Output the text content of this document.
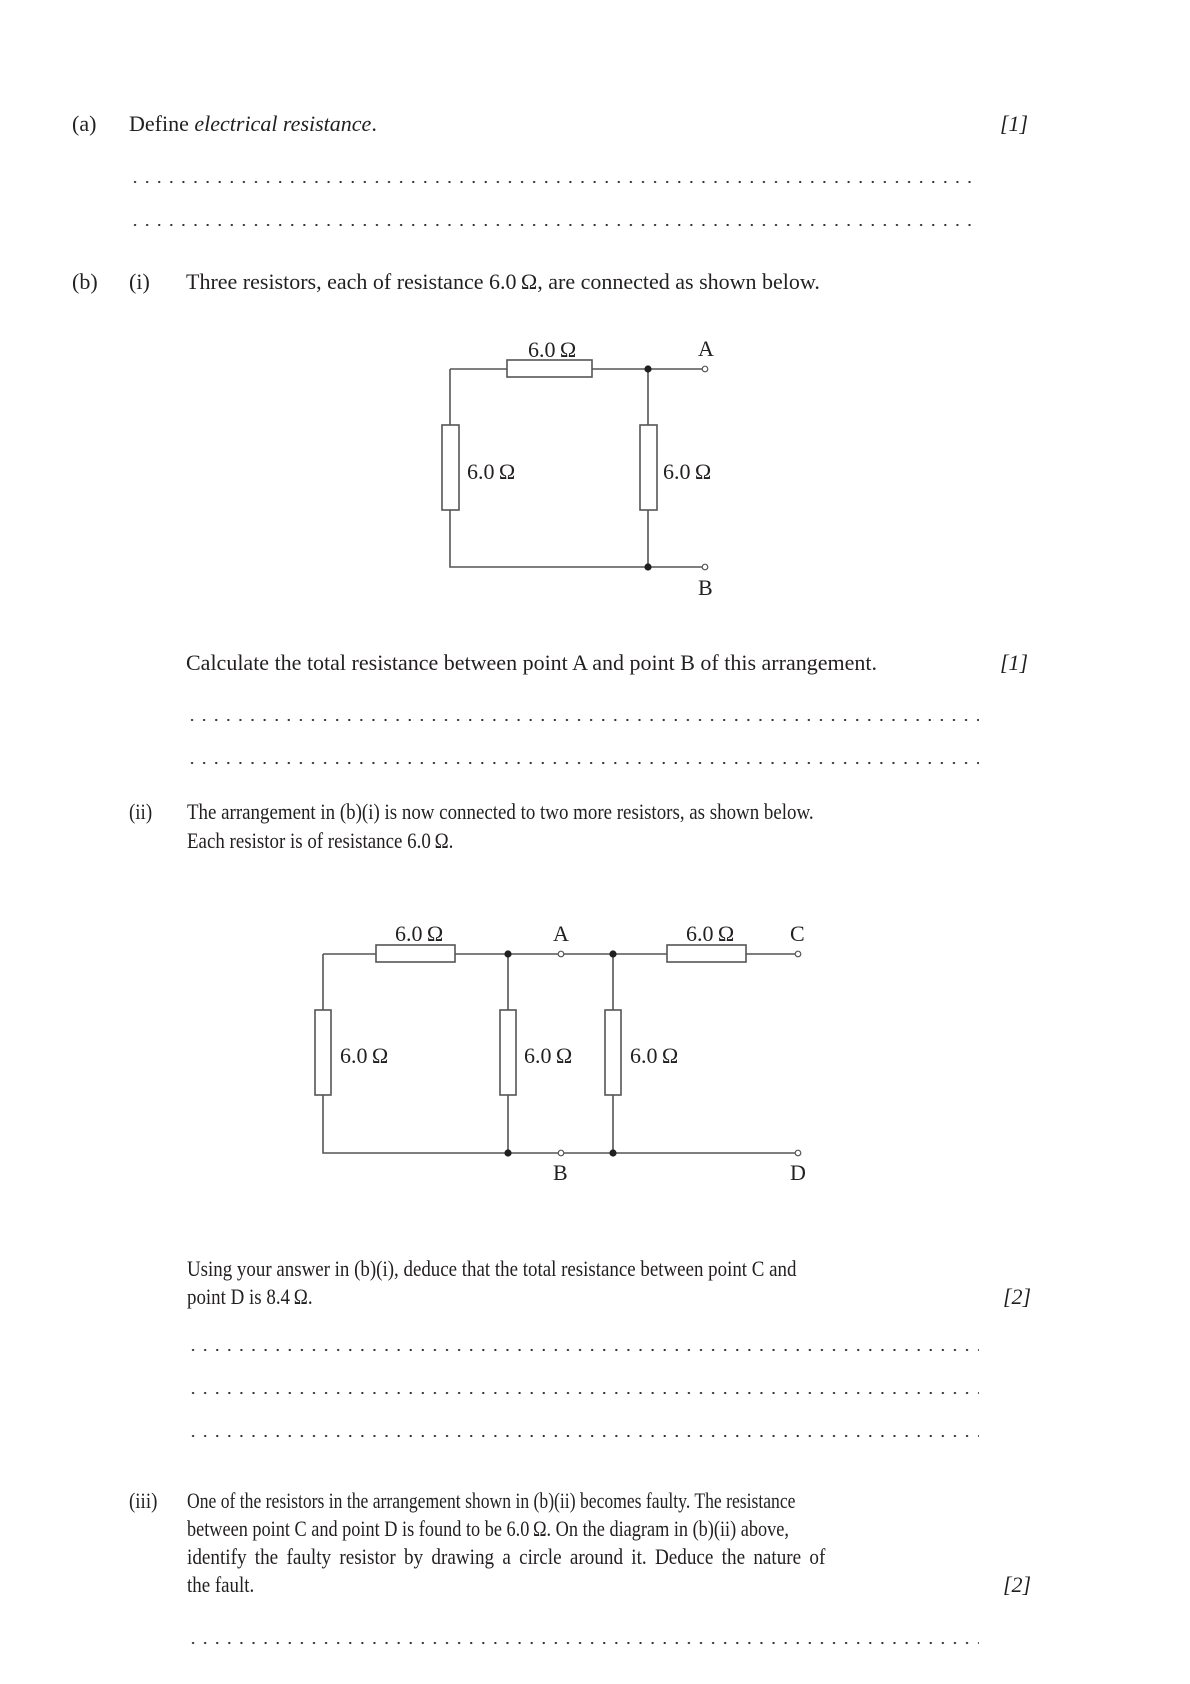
(a) Define electrical resistance.	[1]
(b) (i) Three resistors, each of resistance 6.0 Ω, are connected as shown below.
6.0 Ω
6.0 Ω	6.0 Ω
A
B
Calculate the total resistance between point A and point B of this arrangement.	[1]
(ii) The arrangement in (b)(i) is now connected to two more resistors, as shown below.
Each resistor is of resistance 6.0 Ω.
6.0 Ω	6.0 Ω
6.0 Ω	6.0 Ω	6.0 Ω
A
B
C
D
Using your answer in (b)(i), deduce that the total resistance between point C and
point D is 8.4 Ω.	[2]
(iii) One of the resistors in the arrangement shown in (b)(ii) becomes faulty. The resistance
between point C and point D is found to be 6.0 Ω. On the diagram in (b)(ii) above,
identify the faulty resistor by drawing a circle around it. Deduce the nature of
the fault.	[2]
